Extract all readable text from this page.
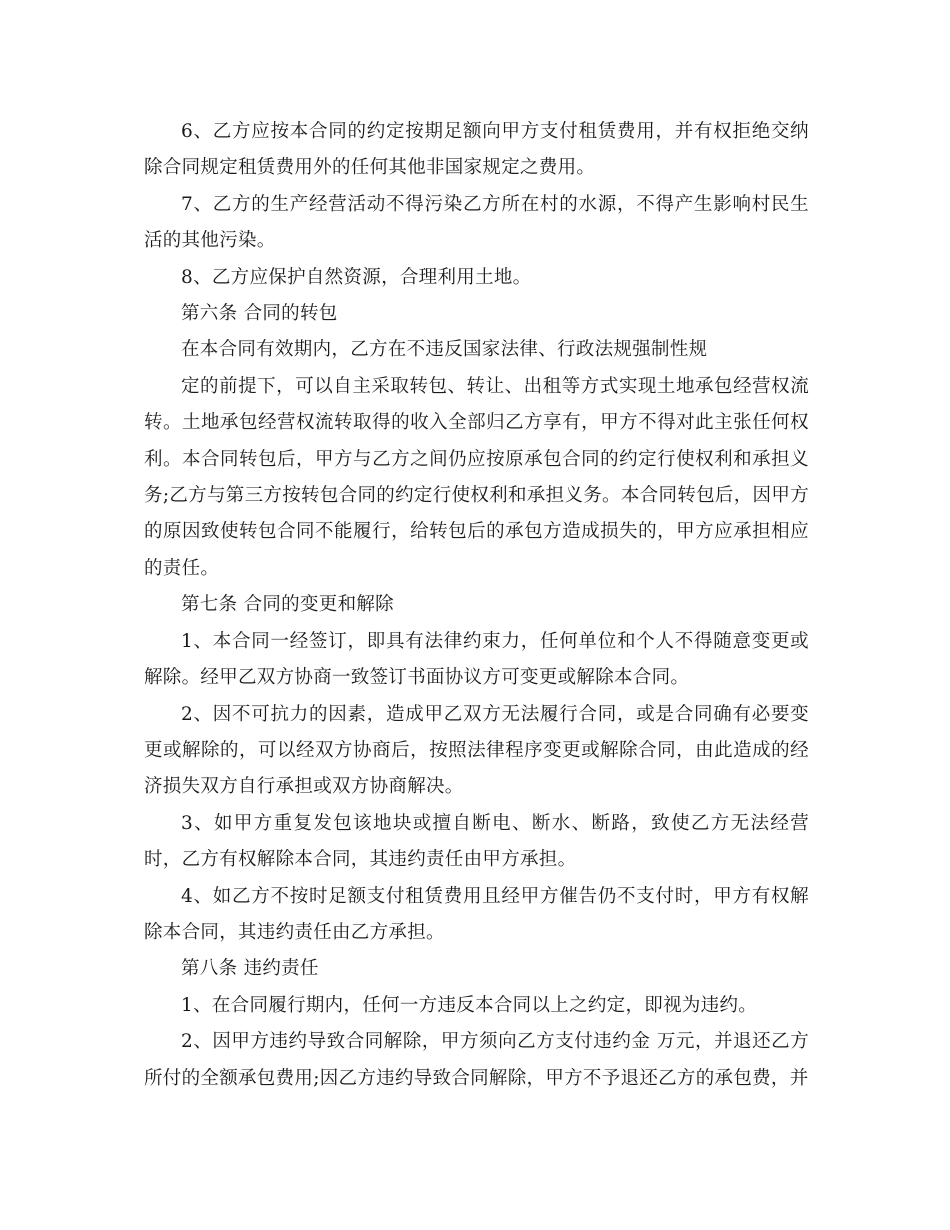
6、乙方应按本合同的约定按期足额向甲方支付租赁费用，并有权拒绝交纳除合同规定租赁费用外的任何其他非国家规定之费用。

7、乙方的生产经营活动不得污染乙方所在村的水源，不得产生影响村民生活的其他污染。

8、乙方应保护自然资源，合理利用土地。

第六条 合同的转包

在本合同有效期内，乙方在不违反国家法律、行政法规强制性规

定的前提下，可以自主采取转包、转让、出租等方式实现土地承包经营权流转。土地承包经营权流转取得的收入全部归乙方享有，甲方不得对此主张任何权利。本合同转包后，甲方与乙方之间仍应按原承包合同的约定行使权利和承担义务;乙方与第三方按转包合同的约定行使权利和承担义务。本合同转包后，因甲方的原因致使转包合同不能履行，给转包后的承包方造成损失的，甲方应承担相应的责任。

第七条 合同的变更和解除

1、本合同一经签订，即具有法律约束力，任何单位和个人不得随意变更或解除。经甲乙双方协商一致签订书面协议方可变更或解除本合同。

2、因不可抗力的因素，造成甲乙双方无法履行合同，或是合同确有必要变更或解除的，可以经双方协商后，按照法律程序变更或解除合同，由此造成的经济损失双方自行承担或双方协商解决。

3、如甲方重复发包该地块或擅自断电、断水、断路，致使乙方无法经营时，乙方有权解除本合同，其违约责任由甲方承担。

4、如乙方不按时足额支付租赁费用且经甲方催告仍不支付时，甲方有权解除本合同，其违约责任由乙方承担。

第八条 违约责任

1、在合同履行期内，任何一方违反本合同以上之约定，即视为违约。

2、因甲方违约导致合同解除，甲方须向乙方支付违约金 万元，并退还乙方所付的全额承包费用;因乙方违约导致合同解除，甲方不予退还乙方的承包费，并
